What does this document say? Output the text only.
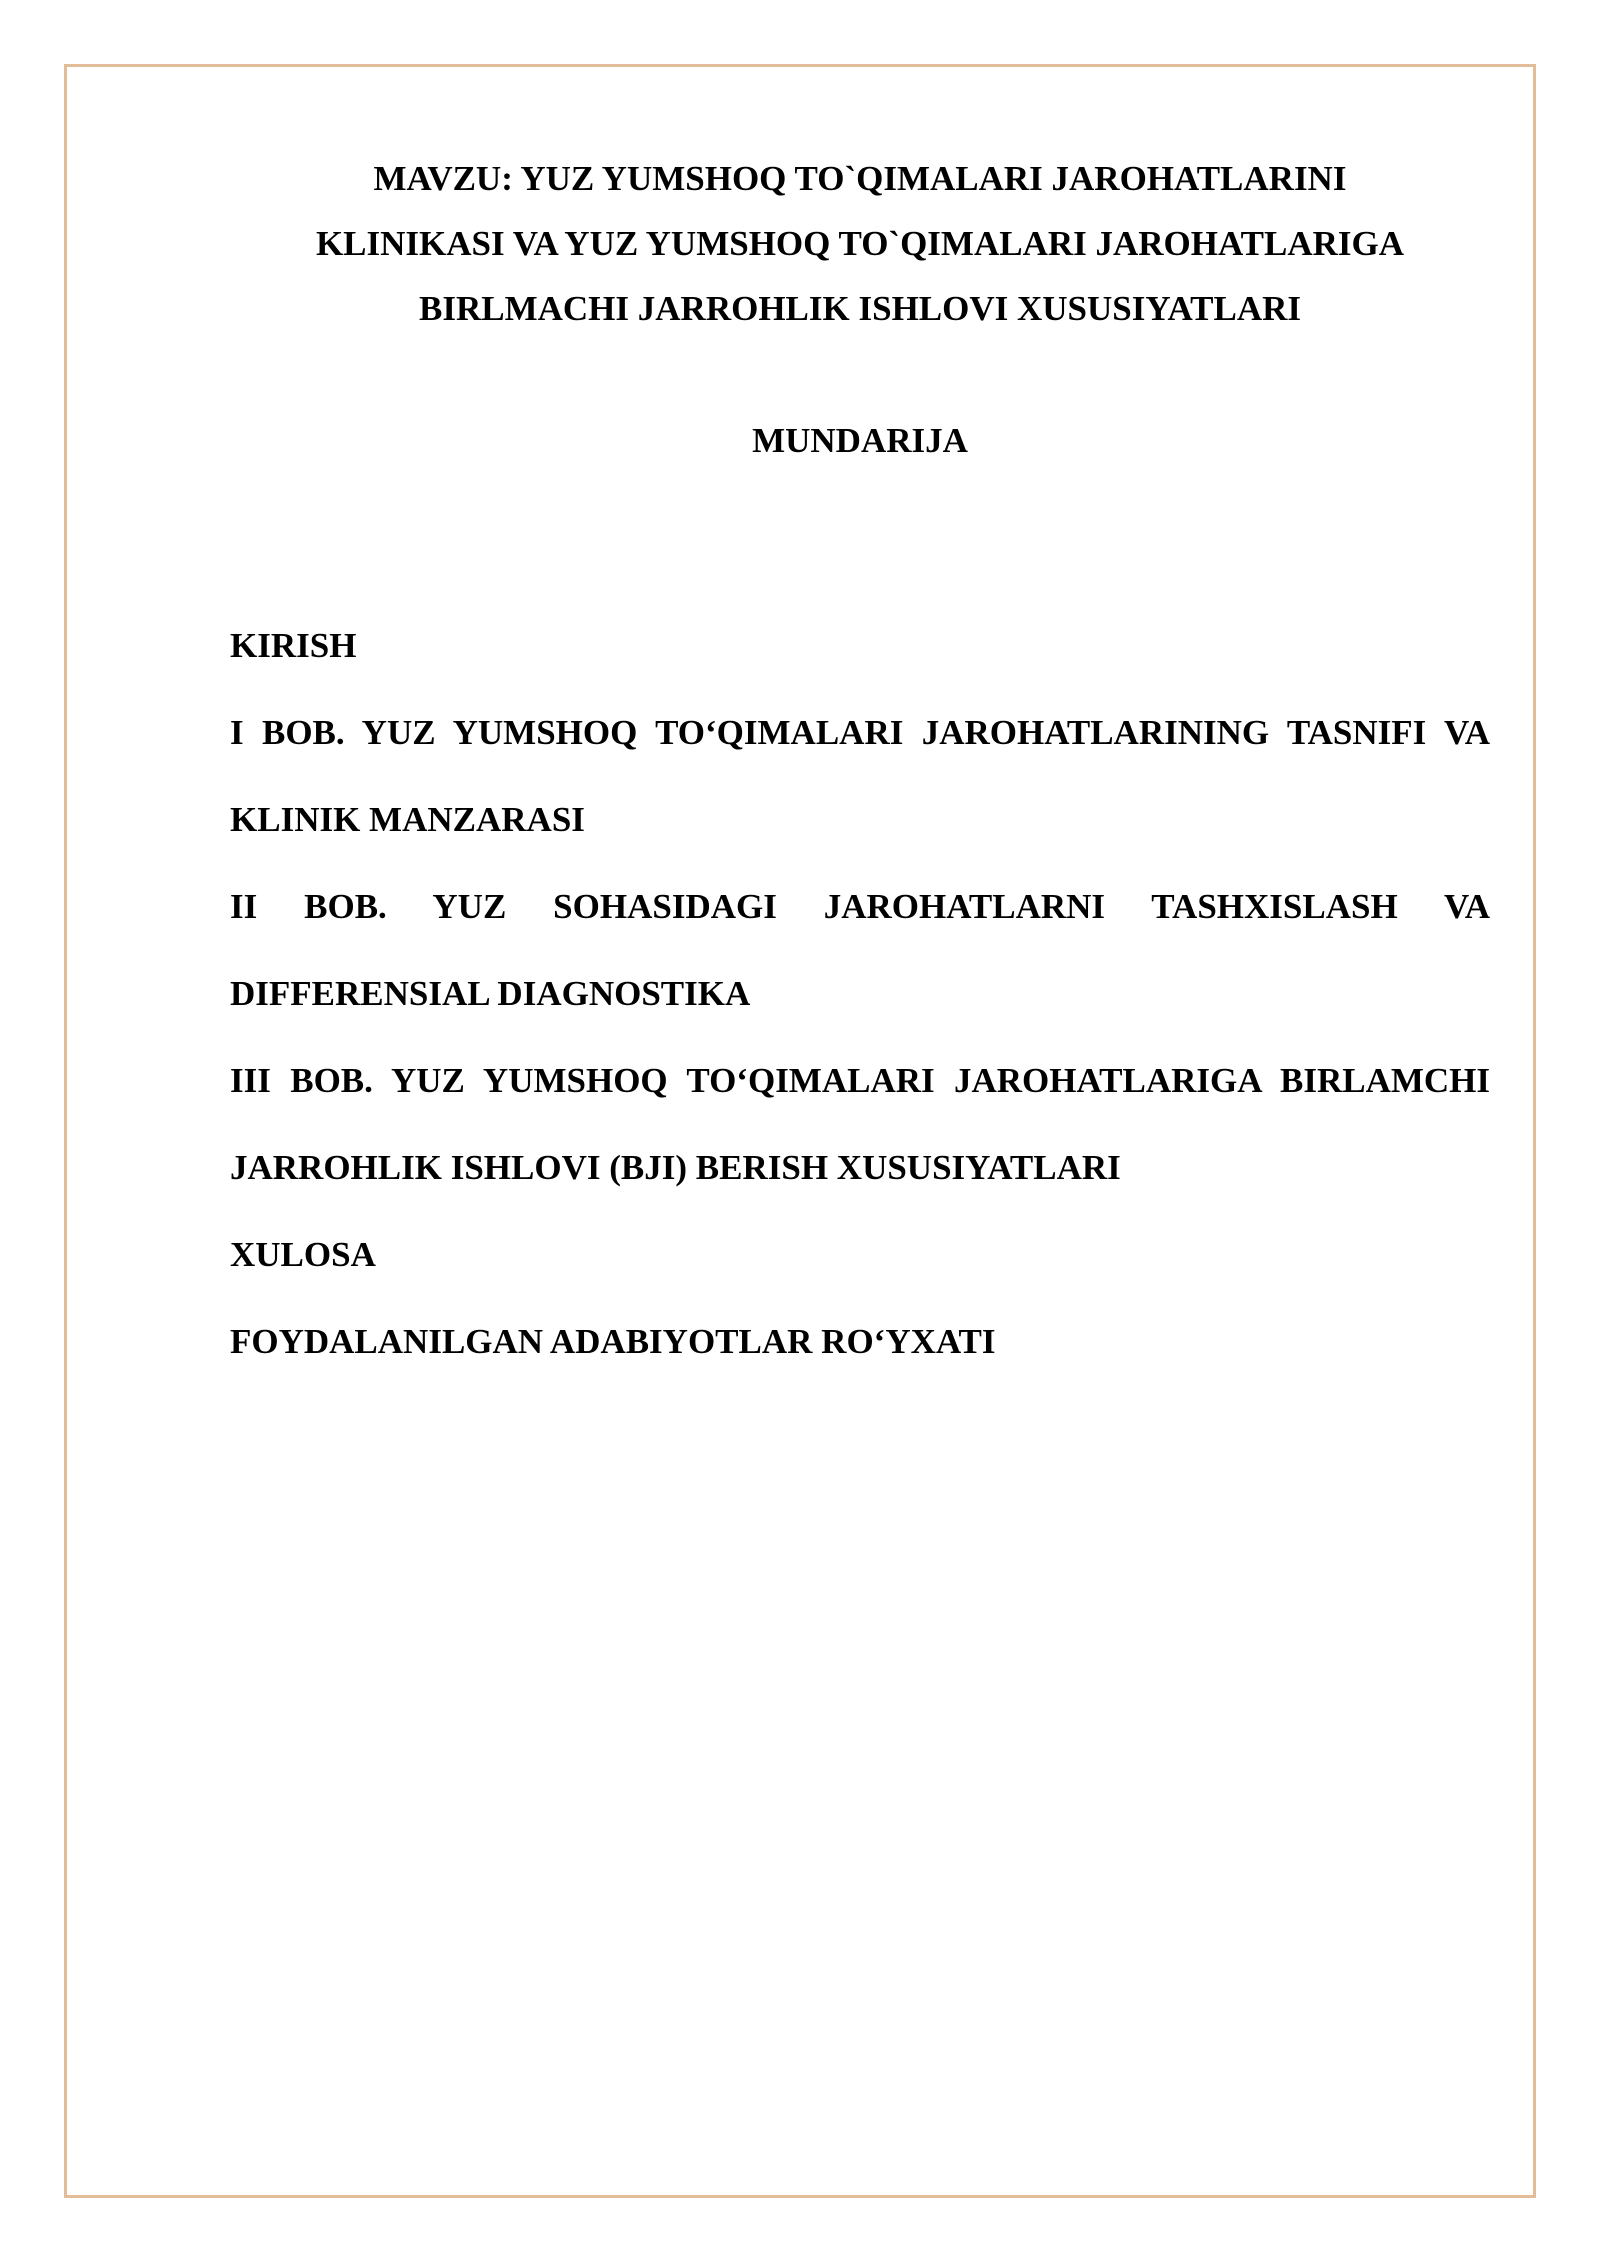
MAVZU: YUZ YUMSHOQ TO`QIMALARI JAROHATLARINI
KLINIKASI VA YUZ YUMSHOQ TO`QIMALARI JAROHATLARIGA
BIRLMACHI JARROHLIK ISHLOVI XUSUSIYATLARI
MUNDARIJA
KIRISH
I BOB. YUZ YUMSHOQ TO‘QIMALARI JAROHATLARINING TASNIFI VA KLINIK MANZARASI
II BOB. YUZ SOHASIDAGI JAROHATLARNI TASHXISLASH VA DIFFERENSIAL DIAGNOSTIKA
III BOB. YUZ YUMSHOQ TO‘QIMALARI JAROHATLARIGA BIRLAMCHI JARROHLIK ISHLOVI (BJI) BERISH XUSUSIYATLARI
XULOSA
FOYDALANILGAN ADABIYOTLAR RO‘YXATI
